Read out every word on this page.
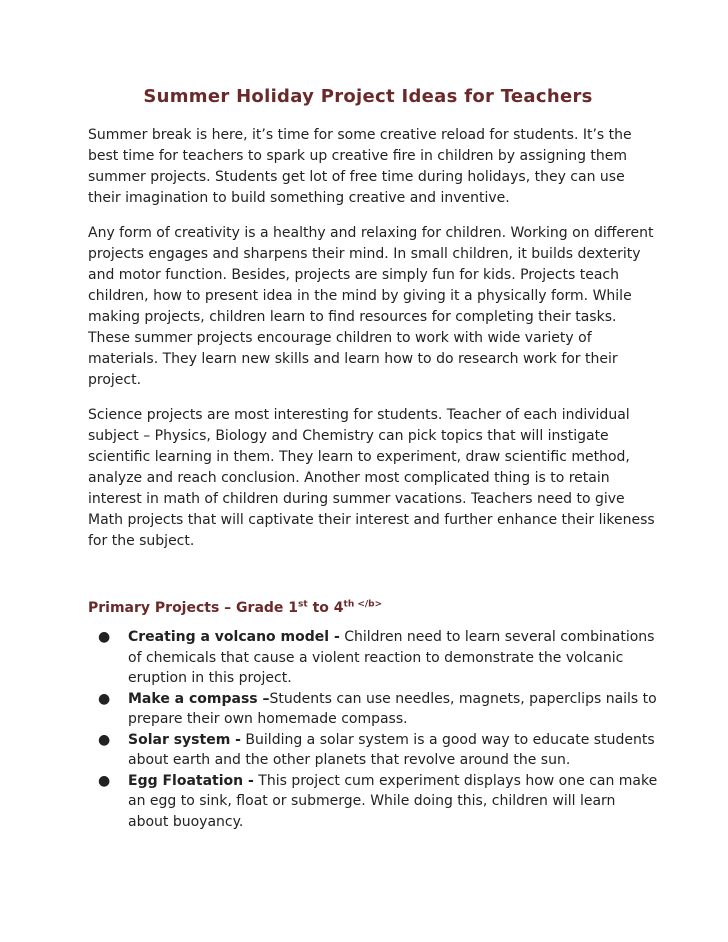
Summer Holiday Project Ideas for Teachers

Summer break is here, it’s time for some creative reload for students. It’s the best time for teachers to spark up creative fire in children by assigning them summer projects. Students get lot of free time during holidays, they can use their imagination to build something creative and inventive.

Any form of creativity is a healthy and relaxing for children. Working on different projects engages and sharpens their mind. In small children, it builds dexterity and motor function. Besides, projects are simply fun for kids. Projects teach children, how to present idea in the mind by giving it a physically form. While making projects, children learn to find resources for completing their tasks. These summer projects encourage children to work with wide variety of materials. They learn new skills and learn how to do research work for their project.

Science projects are most interesting for students. Teacher of each individual subject – Physics, Biology and Chemistry can pick topics that will instigate scientific learning in them. They learn to experiment, draw scientific method, analyze and reach conclusion. Another most complicated thing is to retain interest in math of children during summer vacations. Teachers need to give Math projects that will captivate their interest and further enhance their likeness for the subject.

Primary Projects – Grade 1st to $4^{th </b>}$
● Creating a volcano model - Children need to learn several combinations of chemicals that cause a violent reaction to demonstrate the volcanic eruption in this project.
● Make a compass –Students can use needles, magnets, paperclips nails to prepare their own homemade compass.
● Solar system - Building a solar system is a good way to educate students about earth and the other planets that revolve around the sun.
● Egg Floatation - This project cum experiment displays how one can make an egg to sink, float or submerge. While doing this, children will learn about buoyancy.
